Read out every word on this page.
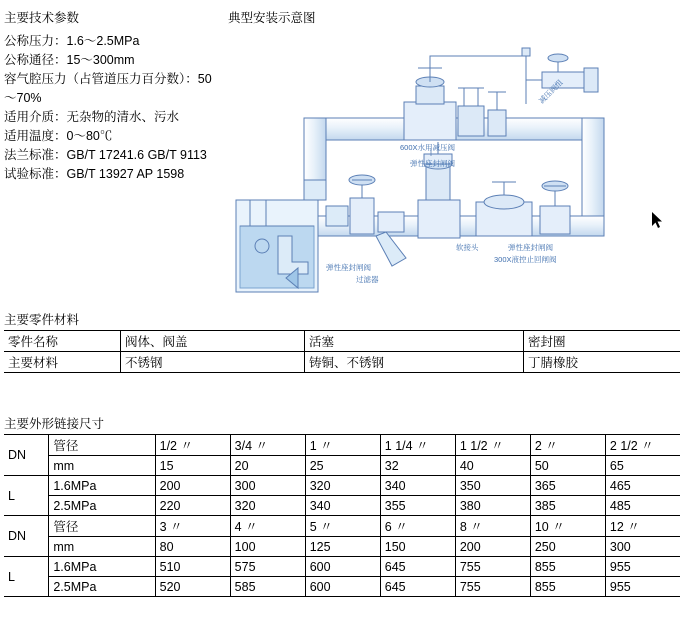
主要技术参数	典型安装示意图
主要零件材料
主要外形链接尺寸
公称压力：1.6～2.5MPa
公称通径：15～300mm
容气腔压力（占管道压力百分数）：50～70%
适用介质：无杂物的清水、污水
适用温度：0～80℃
法兰标准：GB/T 17241.6 GB/T 9113
试验标准：GB/T 13927 AP 1598
减压阀组
600X水用减压阀
弹性座封闸阀
软接头	弹性座封闸阀
300X液控止回闸阀
弹性座封闸阀
过滤器
零件名称	阀体、阀盖	活塞	密封圈
主要材料	不锈钢	铸铜、不锈钢	丁腈橡胶
DN	管径	1/2 〃	3/4 〃	1 〃	1 1/4 〃	1 1/2 〃	2 〃	2 1/2 〃
	mm	15	20	25	32	40	50	65
L	1.6MPa	200	300	320	340	350	365	465
	2.5MPa	220	320	340	355	380	385	485
DN	管径	3 〃	4 〃	5 〃	6 〃	8 〃	10 〃	12 〃
	mm	80	100	125	150	200	250	300
L	1.6MPa	510	575	600	645	755	855	955
	2.5MPa	520	585	600	645	755	855	955
